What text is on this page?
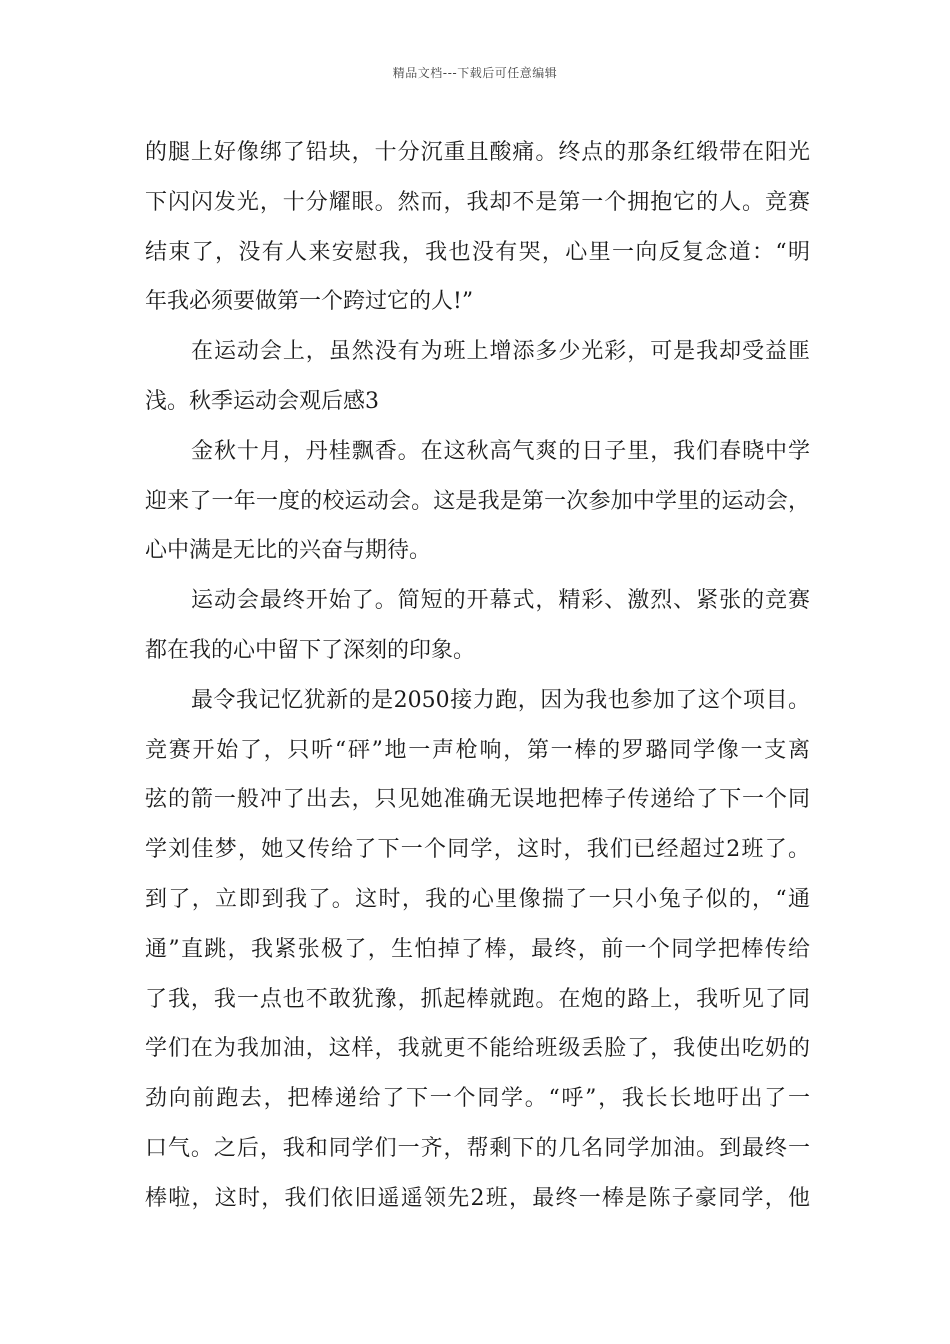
精品文档---下载后可任意编辑
的腿上好像绑了铅块，十分沉重且酸痛。终点的那条红缎带在阳光
下闪闪发光，十分耀眼。然而，我却不是第一个拥抱它的人。竞赛
结束了，没有人来安慰我，我也没有哭，心里一向反复念道：“明
年我必须要做第一个跨过它的人!”
在运动会上，虽然没有为班上增添多少光彩，可是我却受益匪
浅。秋季运动会观后感3
金秋十月，丹桂飘香。在这秋高气爽的日子里，我们春晓中学
迎来了一年一度的校运动会。这是我是第一次参加中学里的运动会，
心中满是无比的兴奋与期待。
运动会最终开始了。简短的开幕式，精彩、激烈、紧张的竞赛
都在我的心中留下了深刻的印象。
最令我记忆犹新的是2050接力跑，因为我也参加了这个项目。
竞赛开始了，只听“砰”地一声枪响，第一棒的罗璐同学像一支离
弦的箭一般冲了出去，只见她准确无误地把棒子传递给了下一个同
学刘佳梦，她又传给了下一个同学，这时，我们已经超过2班了。
到了，立即到我了。这时，我的心里像揣了一只小兔子似的，“通
通”直跳，我紧张极了，生怕掉了棒，最终，前一个同学把棒传给
了我，我一点也不敢犹豫，抓起棒就跑。在炮的路上，我听见了同
学们在为我加油，这样，我就更不能给班级丢脸了，我使出吃奶的
劲向前跑去，把棒递给了下一个同学。“呼”，我长长地吁出了一
口气。之后，我和同学们一齐，帮剩下的几名同学加油。到最终一
棒啦，这时，我们依旧遥遥领先2班，最终一棒是陈子豪同学，他
